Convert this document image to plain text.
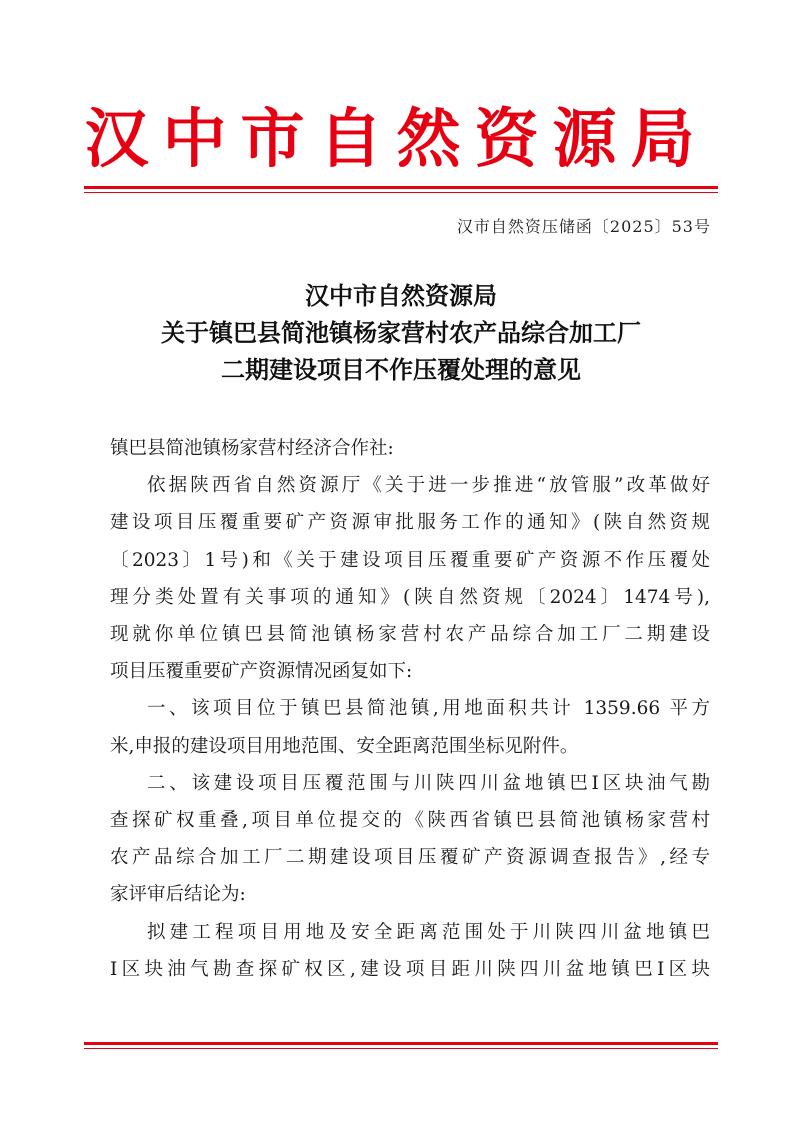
汉中市自然资源局
汉市自然资压储函〔2025〕53号
汉中市自然资源局
关于镇巴县简池镇杨家营村农产品综合加工厂
二期建设项目不作压覆处理的意见
镇巴县简池镇杨家营村经济合作社:
依据陕西省自然资源厅《关于进一步推进“放管服”改革做好
建设项目压覆重要矿产资源审批服务工作的通知》(陕自然资规
〔2023〕1号)和《关于建设项目压覆重要矿产资源不作压覆处
理分类处置有关事项的通知》(陕自然资规〔2024〕1474号),
现就你单位镇巴县简池镇杨家营村农产品综合加工厂二期建设
项目压覆重要矿产资源情况函复如下:
一、该项目位于镇巴县简池镇,用地面积共计 1359.66 平方
米,申报的建设项目用地范围、安全距离范围坐标见附件。
二、该建设项目压覆范围与川陕四川盆地镇巴Ⅰ区块油气勘
查探矿权重叠,项目单位提交的《陕西省镇巴县简池镇杨家营村
农产品综合加工厂二期建设项目压覆矿产资源调查报告》,经专
家评审后结论为:
拟建工程项目用地及安全距离范围处于川陕四川盆地镇巴
Ⅰ区块油气勘查探矿权区,建设项目距川陕四川盆地镇巴Ⅰ区块
